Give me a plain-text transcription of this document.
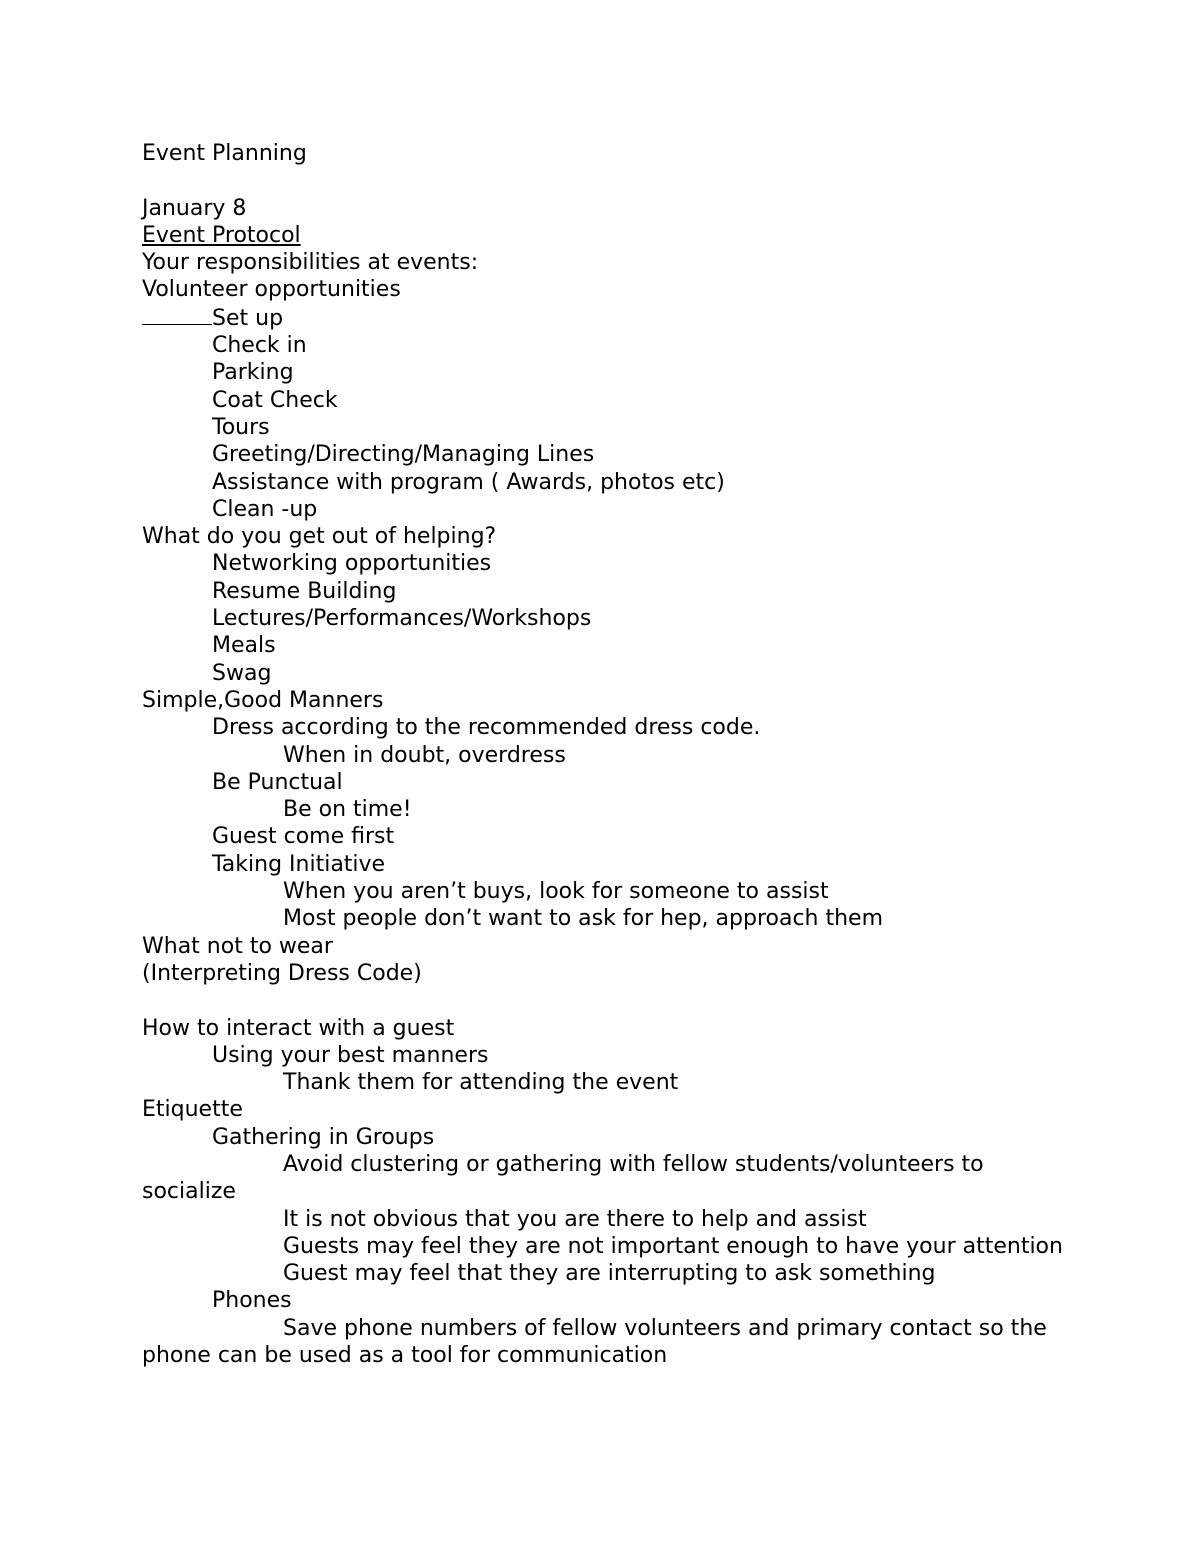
Event Planning
January 8
Event Protocol
Your responsibilities at events:
Volunteer opportunities
Set up
Check in
Parking
Coat Check
Tours
Greeting/Directing/Managing Lines
Assistance with program ( Awards, photos etc)
Clean -up
What do you get out of helping?
Networking opportunities
Resume Building
Lectures/Performances/Workshops
Meals
Swag
Simple,Good Manners
Dress according to the recommended dress code.
When in doubt, overdress
Be Punctual
Be on time!
Guest come first
Taking Initiative
When you aren’t buys, look for someone to assist
Most people don’t want to ask for hep, approach them
What not to wear
(Interpreting Dress Code)
How to interact with a guest
Using your best manners
Thank them for attending the event
Etiquette
Gathering in Groups
Avoid clustering or gathering with fellow students/volunteers to socialize
It is not obvious that you are there to help and assist
Guests may feel they are not important enough to have your attention
Guest may feel that they are interrupting to ask something
Phones
Save phone numbers of fellow volunteers and primary contact so the phone can be used as a tool for communication
